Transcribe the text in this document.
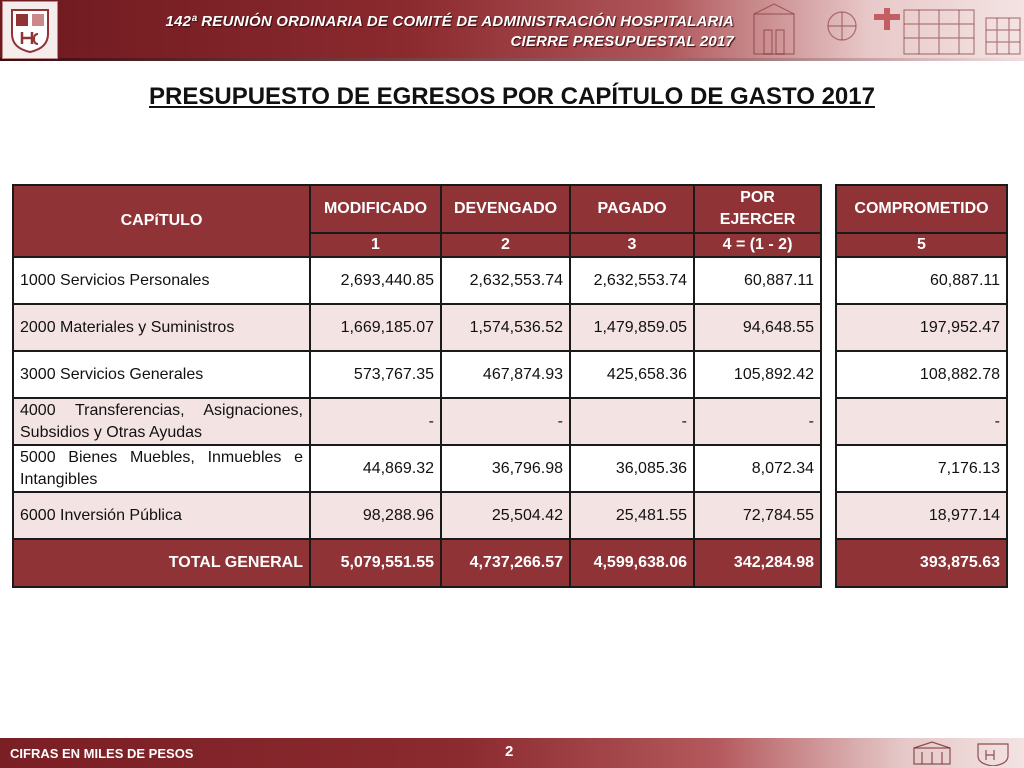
142ª REUNIÓN ORDINARIA DE COMITÉ DE ADMINISTRACIÓN HOSPITALARIA
CIERRE PRESUPUESTAL 2017
PRESUPUESTO DE EGRESOS POR CAPÍTULO DE GASTO 2017
CAPíTULO	MODIFICADO	DEVENGADO	PAGADO	POR EJERCER		COMPROMETIDO
	1	2	3	4 = (1 - 2)		5
1000 Servicios Personales	2,693,440.85	2,632,553.74	2,632,553.74	60,887.11		60,887.11
2000 Materiales y Suministros	1,669,185.07	1,574,536.52	1,479,859.05	94,648.55		197,952.47
3000 Servicios Generales	573,767.35	467,874.93	425,658.36	105,892.42		108,882.78
4000 Transferencias, Asignaciones, Subsidios y Otras Ayudas	-	-	-	-		-
5000 Bienes Muebles, Inmuebles e Intangibles	44,869.32	36,796.98	36,085.36	8,072.34		7,176.13
6000 Inversión Pública	98,288.96	25,504.42	25,481.55	72,784.55		18,977.14
TOTAL GENERAL	5,079,551.55	4,737,266.57	4,599,638.06	342,284.98		393,875.63
CIFRAS EN MILES DE PESOS	2
